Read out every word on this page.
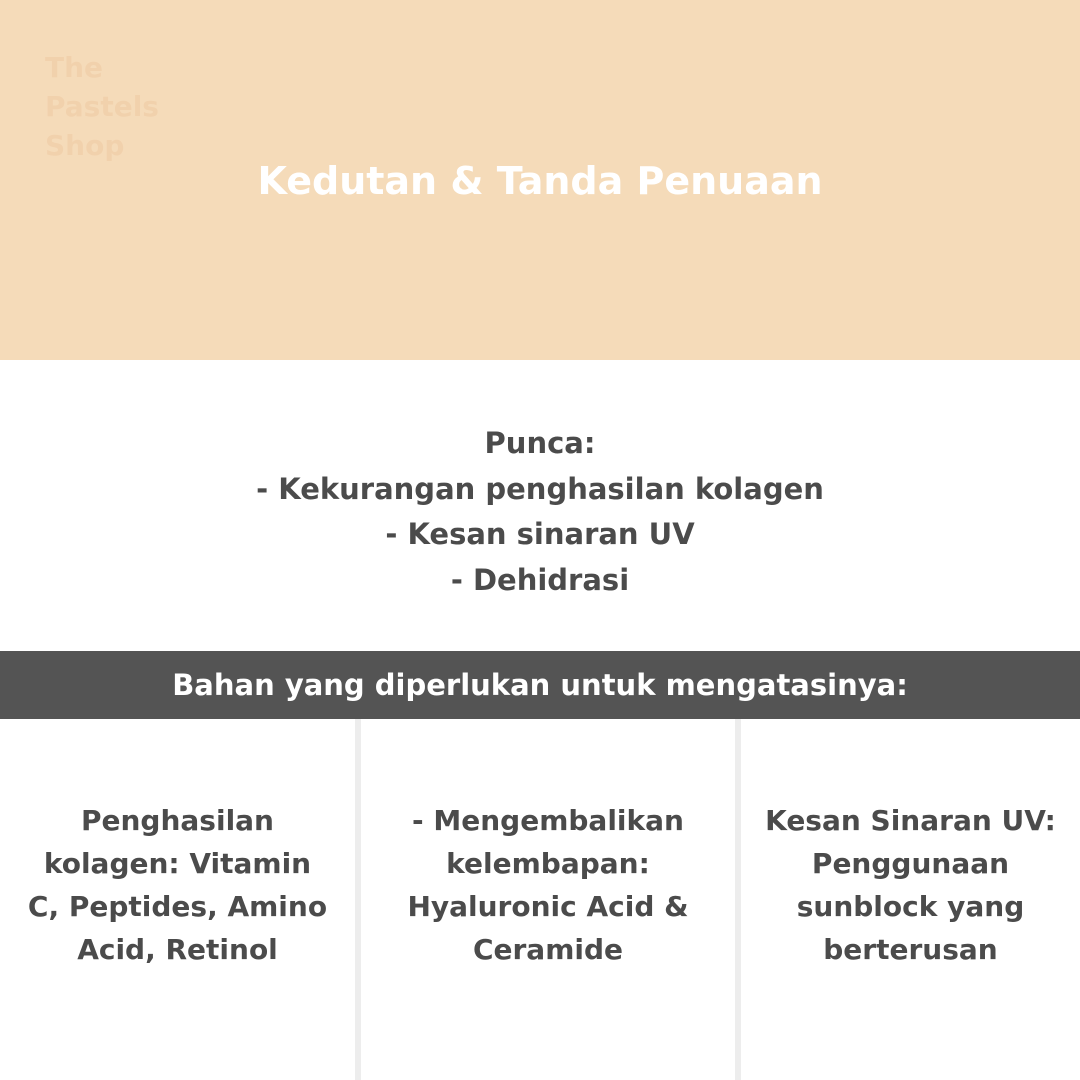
The
Pastels
Shop
Kedutan & Tanda Penuaan
Punca:
- Kekurangan penghasilan kolagen
- Kesan sinaran UV
- Dehidrasi
Bahan yang diperlukan untuk mengatasinya:
Penghasilan
kolagen: Vitamin
C, Peptides, Amino
Acid, Retinol
- Mengembalikan
kelembapan:
Hyaluronic Acid &
Ceramide
Kesan Sinaran UV:
Penggunaan
sunblock yang
berterusan
